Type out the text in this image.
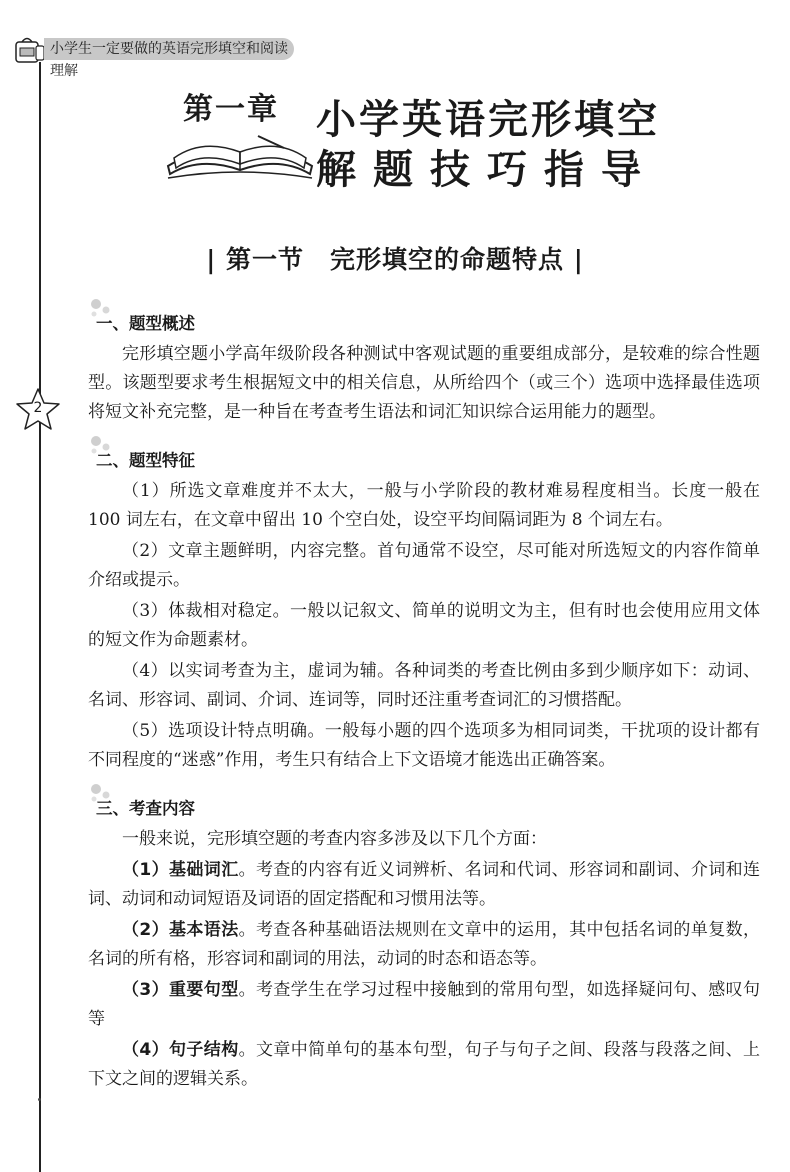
小学生一定要做的英语完形填空和阅读理解
2
第一章 小学英语完形填空
解题技巧指导
| 第一节　完形填空的命题特点 |
一、题型概述

完形填空题小学高年级阶段各种测试中客观试题的重要组成部分，是较难的综合性题型。该题型要求考生根据短文中的相关信息，从所给四个（或三个）选项中选择最佳选项将短文补充完整，是一种旨在考查考生语法和词汇知识综合运用能力的题型。

二、题型特征

（1）所选文章难度并不太大，一般与小学阶段的教材难易程度相当。长度一般在 100 词左右，在文章中留出 10 个空白处，设空平均间隔词距为 8 个词左右。

（2）文章主题鲜明，内容完整。首句通常不设空，尽可能对所选短文的内容作简单介绍或提示。

（3）体裁相对稳定。一般以记叙文、简单的说明文为主，但有时也会使用应用文体的短文作为命题素材。

（4）以实词考查为主，虚词为辅。各种词类的考查比例由多到少顺序如下：动词、名词、形容词、副词、介词、连词等，同时还注重考查词汇的习惯搭配。

（5）选项设计特点明确。一般每小题的四个选项多为相同词类，干扰项的设计都有不同程度的“迷惑”作用，考生只有结合上下文语境才能选出正确答案。

三、考查内容

一般来说，完形填空题的考查内容多涉及以下几个方面：

（1）基础词汇。考查的内容有近义词辨析、名词和代词、形容词和副词、介词和连词、动词和动词短语及词语的固定搭配和习惯用法等。

（2）基本语法。考查各种基础语法规则在文章中的运用，其中包括名词的单复数，名词的所有格，形容词和副词的用法，动词的时态和语态等。

（3）重要句型。考查学生在学习过程中接触到的常用句型，如选择疑问句、感叹句等

（4）句子结构。文章中简单句的基本句型，句子与句子之间、段落与段落之间、上下文之间的逻辑关系。
